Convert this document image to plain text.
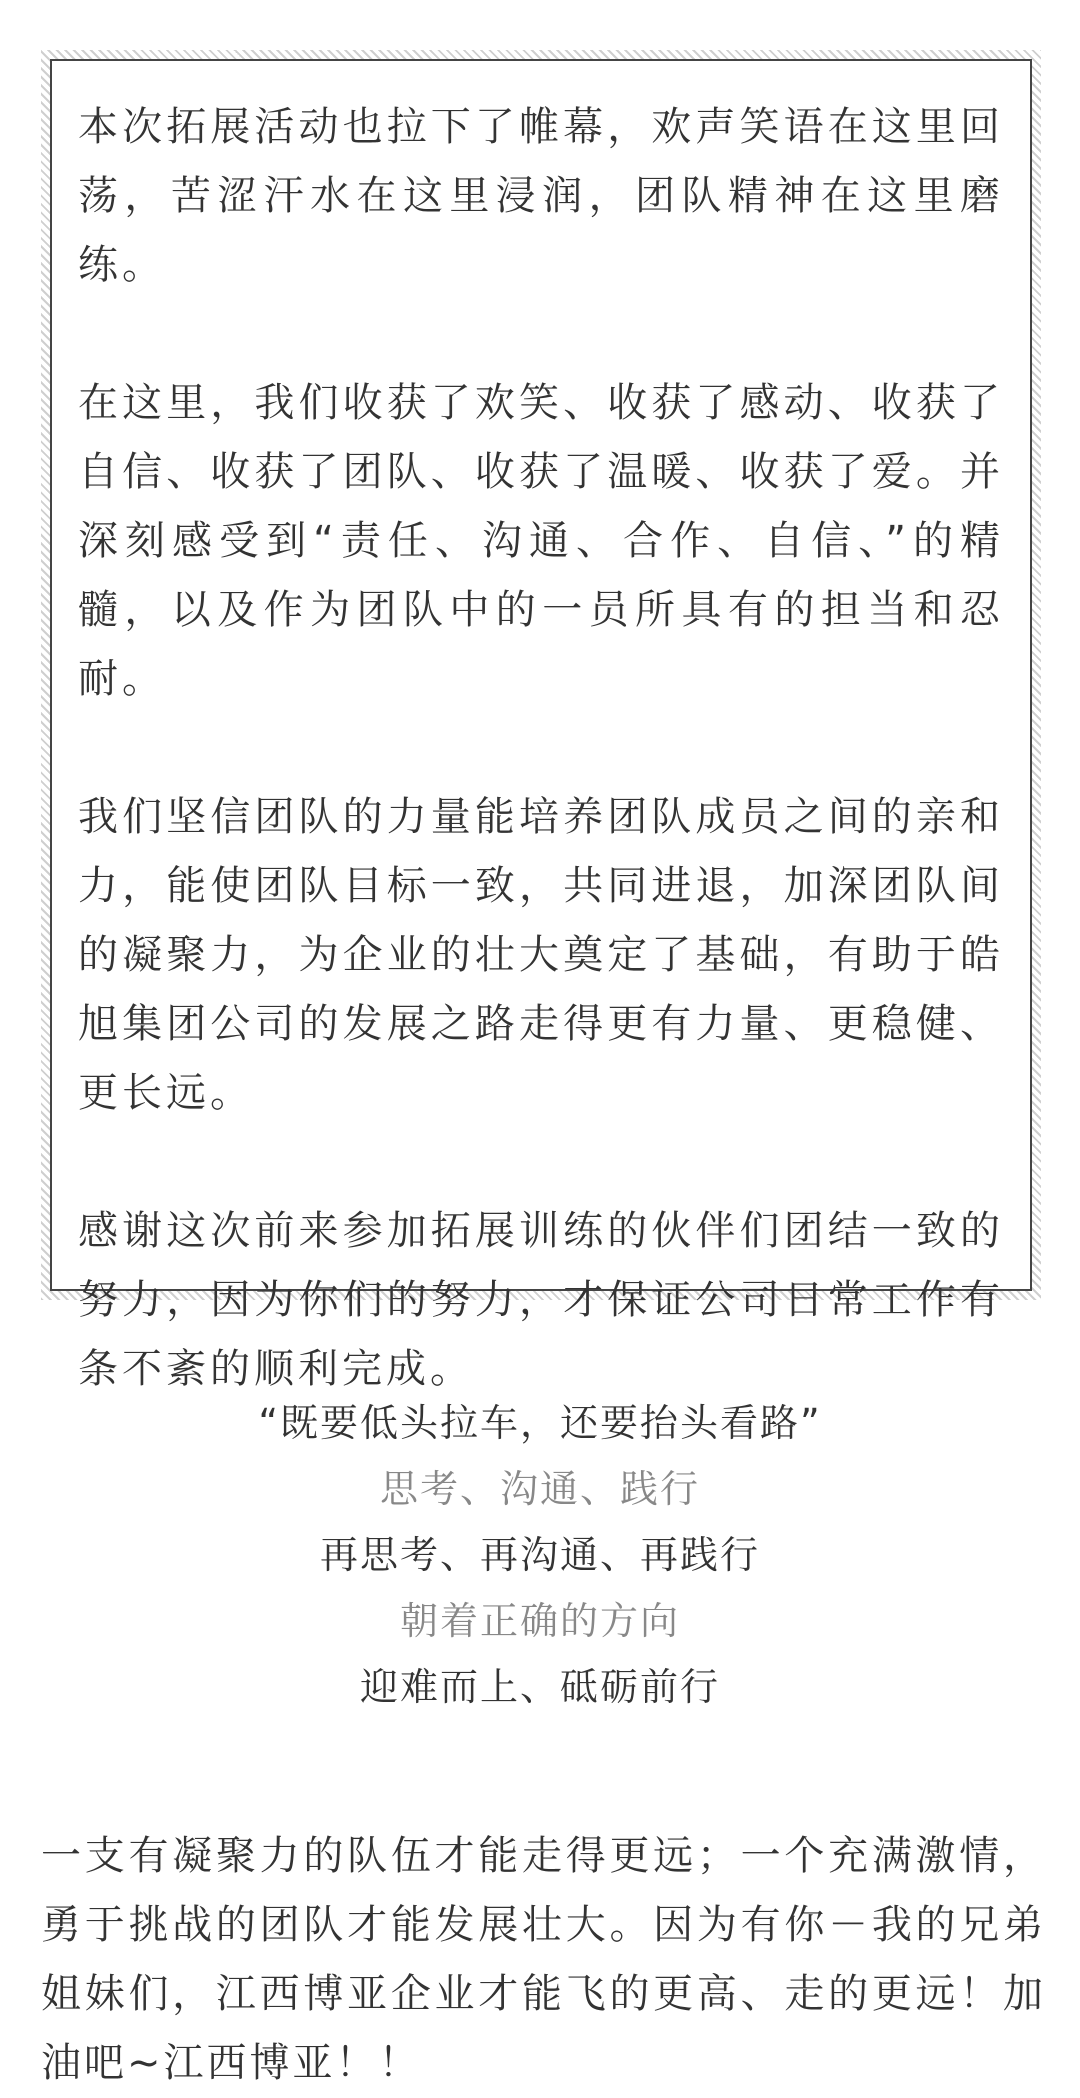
本次拓展活动也拉下了帷幕，欢声笑语在这里回荡，苦涩汗水在这里浸润，团队精神在这里磨练。

在这里，我们收获了欢笑、收获了感动、收获了自信、收获了团队、收获了温暖、收获了爱。并深刻感受到“责任、沟通、合作、自信、”的精髓，以及作为团队中的一员所具有的担当和忍耐。

我们坚信团队的力量能培养团队成员之间的亲和力，能使团队目标一致，共同进退，加深团队间的凝聚力，为企业的壮大奠定了基础，有助于皓旭集团公司的发展之路走得更有力量、更稳健、更长远。

感谢这次前来参加拓展训练的伙伴们团结一致的努力，因为你们的努力，才保证公司日常工作有条不紊的顺利完成。

“既要低头拉车，还要抬头看路”

思考、沟通、践行

再思考、再沟通、再践行

朝着正确的方向

迎难而上、砥砺前行

一支有凝聚力的队伍才能走得更远；一个充满激情，勇于挑战的团队才能发展壮大。因为有你－我的兄弟姐妹们，江西博亚企业才能飞的更高、走的更远！加油吧~江西博亚！！
